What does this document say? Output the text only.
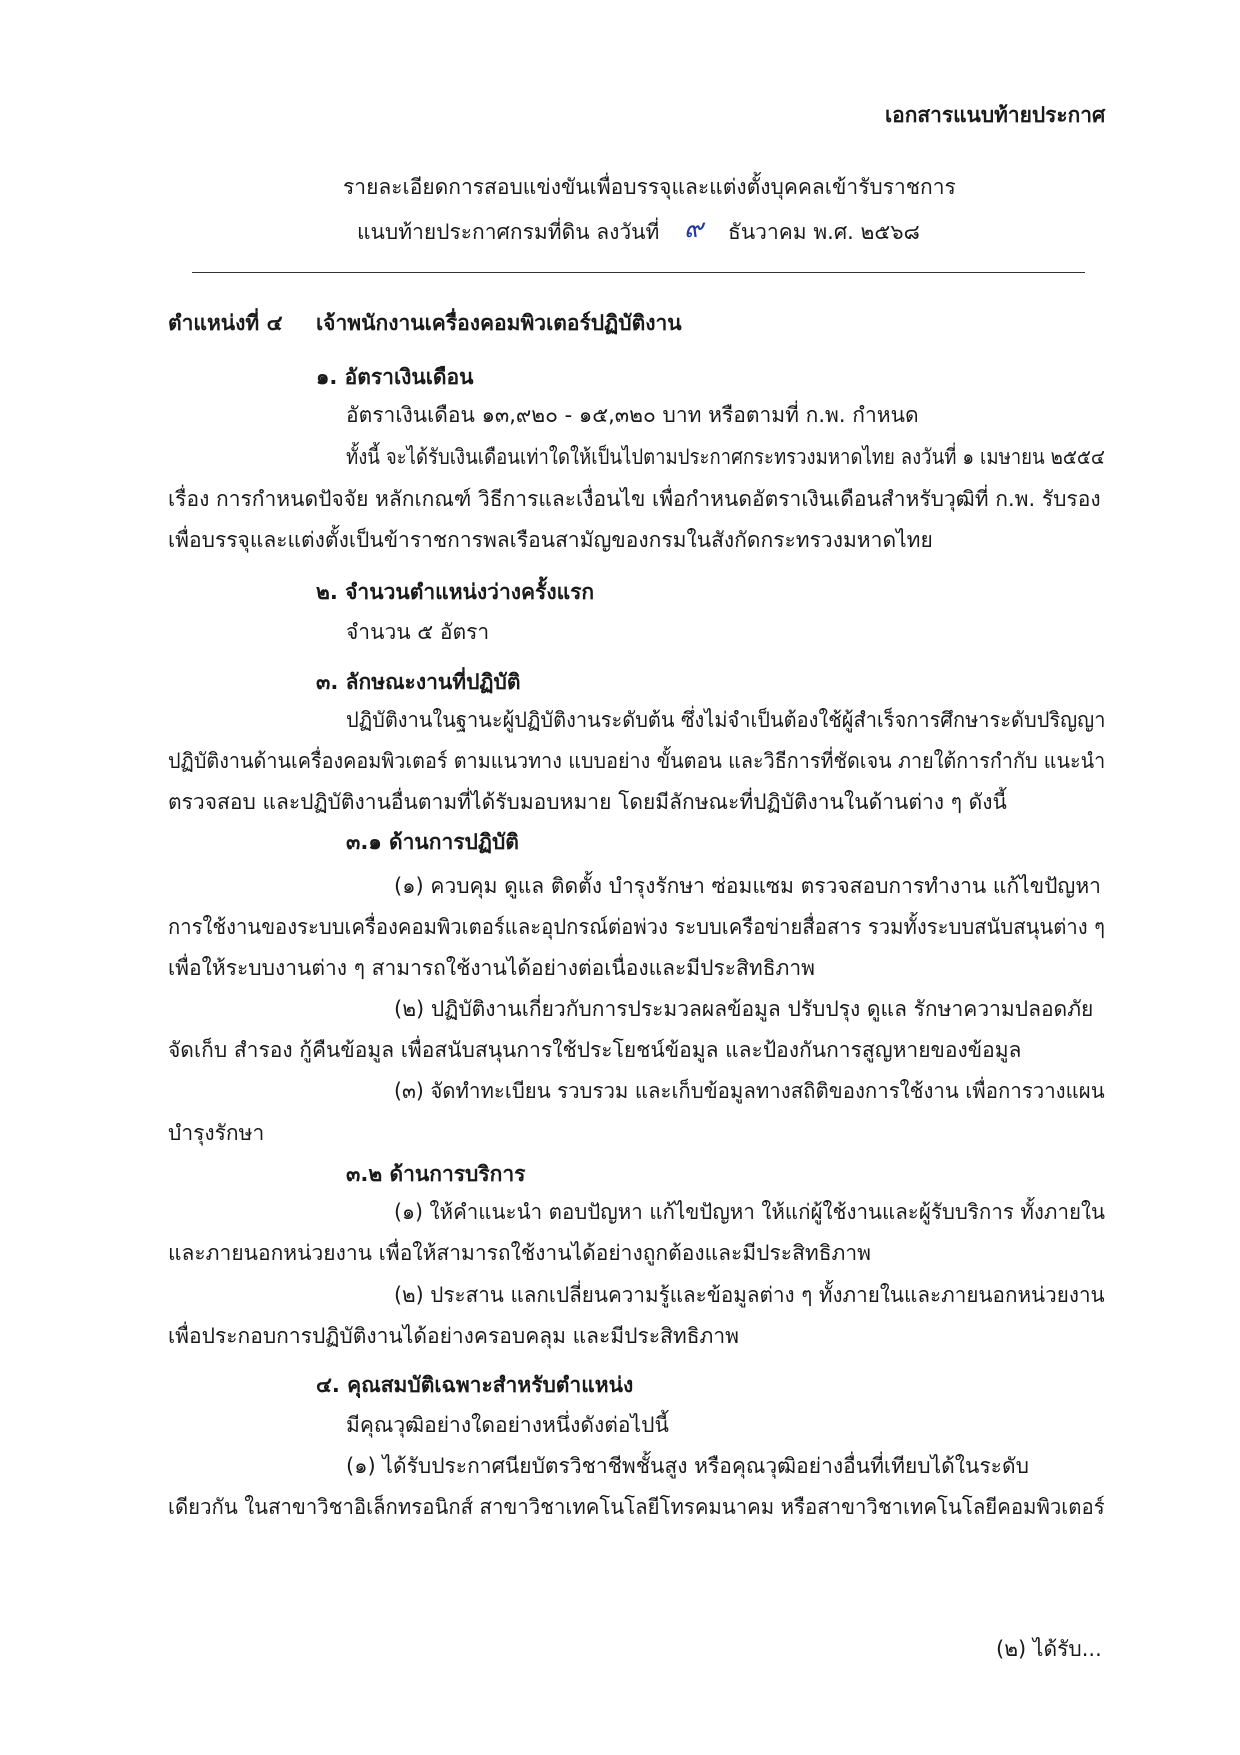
เอกสารแนบท้ายประกาศ
รายละเอียดการสอบแข่งขันเพื่อบรรจุและแต่งตั้งบุคคลเข้ารับราชการ
แนบท้ายประกาศกรมที่ดิน ลงวันที่ ๙ ธันวาคม พ.ศ. ๒๕๖๘
ตำแหน่งที่ ๔ เจ้าพนักงานเครื่องคอมพิวเตอร์ปฏิบัติงาน
๑. อัตราเงินเดือน
อัตราเงินเดือน ๑๓,๙๒๐ - ๑๕,๓๒๐ บาท หรือตามที่ ก.พ. กำหนด
ทั้งนี้ จะได้รับเงินเดือนเท่าใดให้เป็นไปตามประกาศกระทรวงมหาดไทย ลงวันที่ ๑ เมษายน ๒๕๕๔
เรื่อง การกำหนดปัจจัย หลักเกณฑ์ วิธีการและเงื่อนไข เพื่อกำหนดอัตราเงินเดือนสำหรับวุฒิที่ ก.พ. รับรอง
เพื่อบรรจุและแต่งตั้งเป็นข้าราชการพลเรือนสามัญของกรมในสังกัดกระทรวงมหาดไทย
๒. จำนวนตำแหน่งว่างครั้งแรก
จำนวน ๕ อัตรา
๓. ลักษณะงานที่ปฏิบัติ
ปฏิบัติงานในฐานะผู้ปฏิบัติงานระดับต้น ซึ่งไม่จำเป็นต้องใช้ผู้สำเร็จการศึกษาระดับปริญญา
ปฏิบัติงานด้านเครื่องคอมพิวเตอร์ ตามแนวทาง แบบอย่าง ขั้นตอน และวิธีการที่ชัดเจน ภายใต้การกำกับ แนะนำ
ตรวจสอบ และปฏิบัติงานอื่นตามที่ได้รับมอบหมาย โดยมีลักษณะที่ปฏิบัติงานในด้านต่าง ๆ ดังนี้
๓.๑ ด้านการปฏิบัติ
(๑) ควบคุม ดูแล ติดตั้ง บำรุงรักษา ซ่อมแซม ตรวจสอบการทำงาน แก้ไขปัญหา
การใช้งานของระบบเครื่องคอมพิวเตอร์และอุปกรณ์ต่อพ่วง ระบบเครือข่ายสื่อสาร รวมทั้งระบบสนับสนุนต่าง ๆ
เพื่อให้ระบบงานต่าง ๆ สามารถใช้งานได้อย่างต่อเนื่องและมีประสิทธิภาพ
(๒) ปฏิบัติงานเกี่ยวกับการประมวลผลข้อมูล ปรับปรุง ดูแล รักษาความปลอดภัย
จัดเก็บ สำรอง กู้คืนข้อมูล เพื่อสนับสนุนการใช้ประโยชน์ข้อมูล และป้องกันการสูญหายของข้อมูล
(๓) จัดทำทะเบียน รวบรวม และเก็บข้อมูลทางสถิติของการใช้งาน เพื่อการวางแผน
บำรุงรักษา
๓.๒ ด้านการบริการ
(๑) ให้คำแนะนำ ตอบปัญหา แก้ไขปัญหา ให้แก่ผู้ใช้งานและผู้รับบริการ ทั้งภายใน
และภายนอกหน่วยงาน เพื่อให้สามารถใช้งานได้อย่างถูกต้องและมีประสิทธิภาพ
(๒) ประสาน แลกเปลี่ยนความรู้และข้อมูลต่าง ๆ ทั้งภายในและภายนอกหน่วยงาน
เพื่อประกอบการปฏิบัติงานได้อย่างครอบคลุม และมีประสิทธิภาพ
๔. คุณสมบัติเฉพาะสำหรับตำแหน่ง
มีคุณวุฒิอย่างใดอย่างหนึ่งดังต่อไปนี้
(๑) ได้รับประกาศนียบัตรวิชาชีพชั้นสูง หรือคุณวุฒิอย่างอื่นที่เทียบได้ในระดับ
เดียวกัน ในสาขาวิชาอิเล็กทรอนิกส์ สาขาวิชาเทคโนโลยีโทรคมนาคม หรือสาขาวิชาเทคโนโลยีคอมพิวเตอร์
(๒) ได้รับ...
